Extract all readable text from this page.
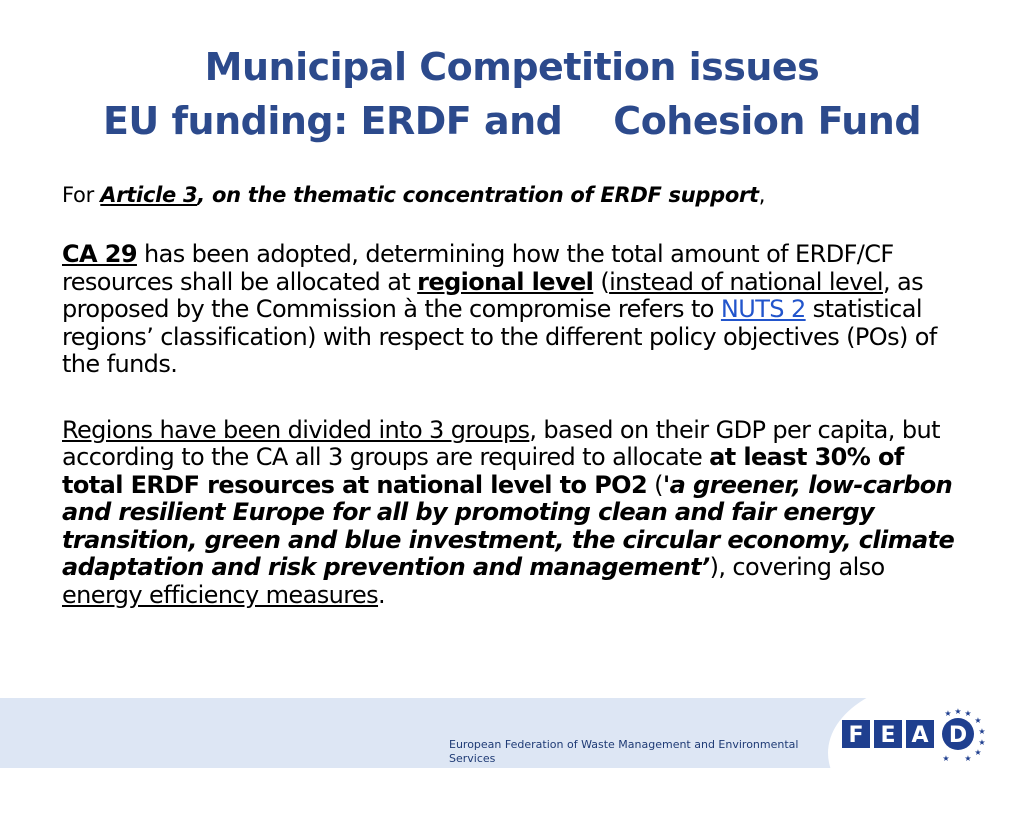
Municipal Competition issues
EU funding: ERDF and    Cohesion Fund

For Article 3, on the thematic concentration of ERDF support,

CA 29 has been adopted, determining how the total amount of ERDF/CF resources shall be allocated at regional level (instead of national level, as proposed by the Commission à the compromise refers to NUTS 2 statistical regions’ classification) with respect to the different policy objectives (POs) of the funds.

Regions have been divided into 3 groups, based on their GDP per capita, but according to the CA all 3 groups are required to allocate at least 30% of total ERDF resources at national level to PO2 ('a greener, low-carbon and resilient Europe for all by promoting clean and fair energy transition, green and blue investment, the circular economy, climate adaptation and risk prevention and management’), covering also energy efficiency measures.

European Federation of Waste Management and Environmental Services
F E A D
★
★ ★
★
★
★
★
★
★
